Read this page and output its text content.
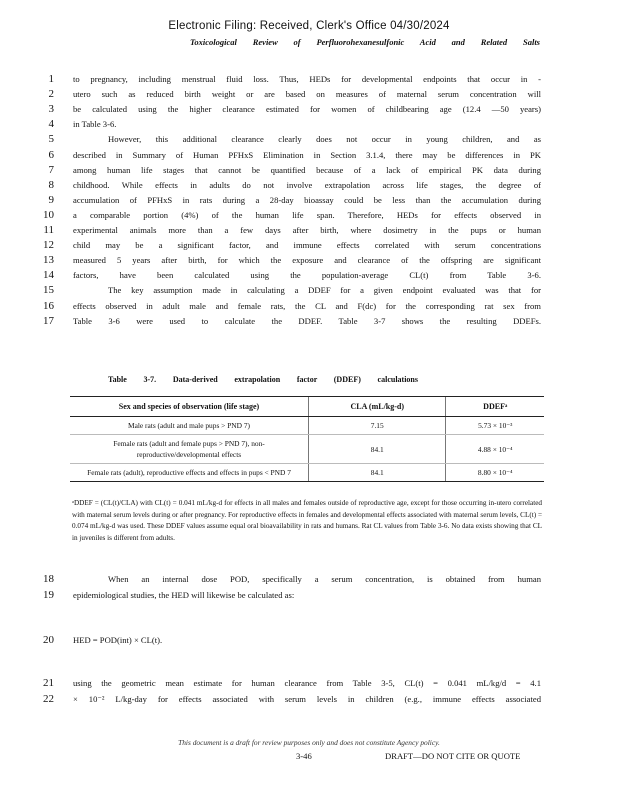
Electronic Filing: Received, Clerk's Office 04/30/2024
Toxicological Review of Perfluorohexanesulfonic Acid and Related Salts
1 to pregnancy, including menstrual fluid loss. Thus, HEDs for developmental endpoints that occur in -
2 utero such as reduced birth weight or are based on measures of maternal serum concentration will
3 be calculated using the higher clearance estimated for women of childbearing age (12.4 —50 years)
4 in Table 3-6.
5	However, this additional clearance clearly does not occur in young children, and as
6 described in Summary of Human PFHxS Elimination in Section 3.1.4, there may be differences in PK
7 among human life stages that cannot be quantified because of a lack of empirical PK data during
8 childhood. While effects in adults do not involve extrapolation across life stages, the degree of
9 accumulation of PFHxS in rats during a 28-day bioassay could be less than the accumulation during
10 a comparable portion (4%) of the human life span. Therefore, HEDs for effects observed in
11 experimental animals more than a few days after birth, where dosimetry in the pups or human
12 child may be a significant factor, and immune effects correlated with serum concentrations
13 measured 5 years after birth, for which the exposure and clearance of the offspring are significant
14 factors, have been calculated using the population-average CL(t) from Table 3-6.
15	The key assumption made in calculating a DDEF for a given endpoint evaluated was that for
16 effects observed in adult male and female rats, the CL and F(dc) for the corresponding rat sex from
17 Table 3-6 were used to calculate the DDEF. Table 3-7 shows the resulting DDEFs.
Table 3-7. Data-derived extrapolation factor (DDEF) calculations
Sex and species of observation (life stage)	CLA (mL/kg-d)	DDEFᵃ
Male rats (adult and male pups > PND 7)	7.15	5.73 × 10⁻³
Female rats (adult and female pups > PND 7), non-reproductive/developmental effects	84.1	4.88 × 10⁻⁴
Female rats (adult), reproductive effects and effects in pups < PND 7	84.1	8.80 × 10⁻⁴
ᵃDDEF = (CL(t)/CLA) with CL(t) = 0.041 mL/kg-d for effects in all males and females outside of reproductive age, except for those occurring in-utero correlated with maternal serum levels during or after pregnancy. For reproductive effects in females and developmental effects associated with maternal serum levels, CL(t) = 0.074 mL/kg-d was used. These DDEF values assume equal oral bioavailability in rats and humans. Rat CL values from Table 3-6. No data exists showing that CL in juveniles is different from adults.
18	When an internal dose POD, specifically a serum concentration, is obtained from human
19 epidemiological studies, the HED will likewise be calculated as:
20 HED = POD(int) × CL(t).
21 using the geometric mean estimate for human clearance from Table 3-5, CL(t) = 0.041 mL/kg/d = 4.1
22 × 10⁻² L/kg-day for effects associated with serum levels in children (e.g., immune effects associated
This document is a draft for review purposes only and does not constitute Agency policy.
3-46	DRAFT—DO NOT CITE OR QUOTE
